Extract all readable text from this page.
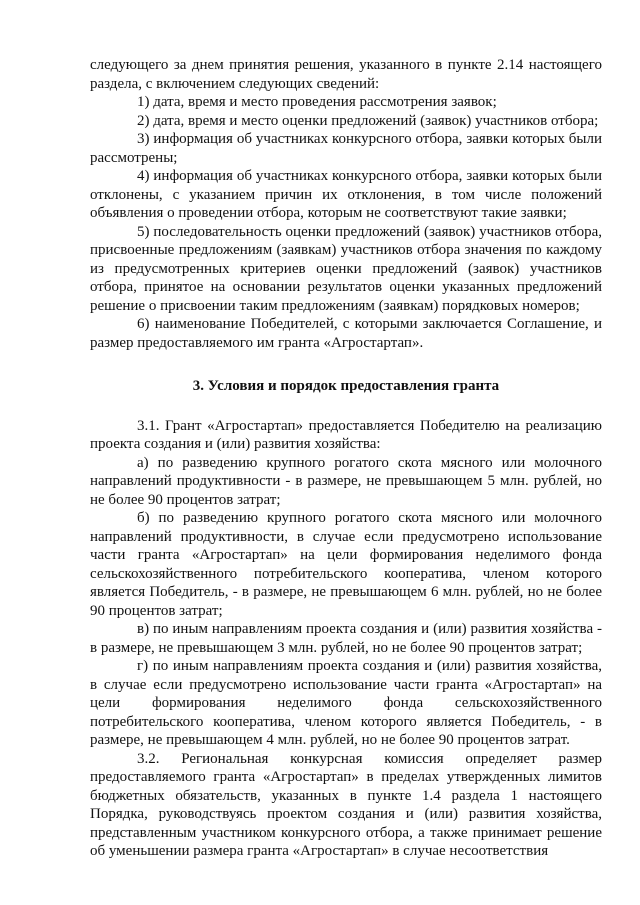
следующего за днем принятия решения, указанного в пункте 2.14 настоящего раздела, с включением следующих сведений:

1) дата, время и место проведения рассмотрения заявок;

2) дата, время и место оценки предложений (заявок) участников отбора;

3) информация об участниках конкурсного отбора, заявки которых были рассмотрены;

4) информация об участниках конкурсного отбора, заявки которых были отклонены, с указанием причин их отклонения, в том числе положений объявления о проведении отбора, которым не соответствуют такие заявки;

5) последовательность оценки предложений (заявок) участников отбора, присвоенные предложениям (заявкам) участников отбора значения по каждому из предусмотренных критериев оценки предложений (заявок) участников отбора, принятое на основании результатов оценки указанных предложений решение о присвоении таким предложениям (заявкам) порядковых номеров;

6) наименование Победителей, с которыми заключается Соглашение, и размер предоставляемого им гранта «Агростартап».

3. Условия и порядок предоставления гранта

3.1. Грант «Агростартап» предоставляется Победителю на реализацию проекта создания и (или) развития хозяйства:

а) по разведению крупного рогатого скота мясного или молочного направлений продуктивности - в размере, не превышающем 5 млн. рублей, но не более 90 процентов затрат;

б) по разведению крупного рогатого скота мясного или молочного направлений продуктивности, в случае если предусмотрено использование части гранта «Агростартап» на цели формирования неделимого фонда сельскохозяйственного потребительского кооператива, членом которого является Победитель, - в размере, не превышающем 6 млн. рублей, но не более 90 процентов затрат;

в) по иным направлениям проекта создания и (или) развития хозяйства - в размере, не превышающем 3 млн. рублей, но не более 90 процентов затрат;

г) по иным направлениям проекта создания и (или) развития хозяйства, в случае если предусмотрено использование части гранта «Агростартап» на цели формирования неделимого фонда сельскохозяйственного потребительского кооператива, членом которого является Победитель, - в размере, не превышающем 4 млн. рублей, но не более 90 процентов затрат.

3.2. Региональная конкурсная комиссия определяет размер предоставляемого гранта «Агростартап» в пределах утвержденных лимитов бюджетных обязательств, указанных в пункте 1.4 раздела 1 настоящего Порядка, руководствуясь проектом создания и (или) развития хозяйства, представленным участником конкурсного отбора, а также принимает решение об уменьшении размера гранта «Агростартап» в случае несоответствия
